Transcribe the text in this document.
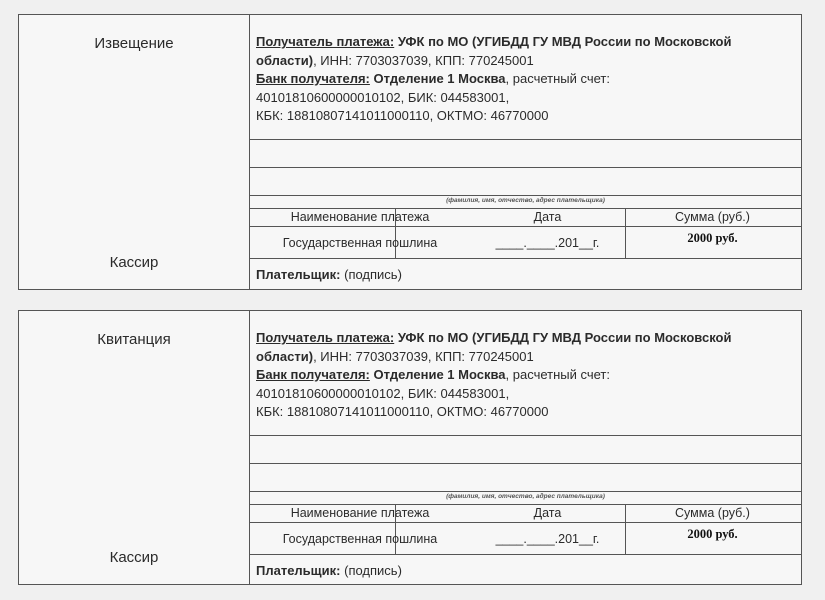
Извещение
Кассир
Получатель платежа: УФК по МО (УГИБДД ГУ МВД России по Московской
области), ИНН: 7703037039, КПП: 770245001
Банк получателя: Отделение 1 Москва, расчетный счет:
40101810600000010102, БИК: 044583001,
КБК: 18810807141011000110, ОКТМО: 46770000
(фамилия, имя, отчество, адрес плательщика)
Наименование платежа	Дата	Сумма (руб.)
Государственная пошлина	____.____.201__г.	2000 руб.
Плательщик: (подпись)
Квитанция
Кассир
Получатель платежа: УФК по МО (УГИБДД ГУ МВД России по Московской
области), ИНН: 7703037039, КПП: 770245001
Банк получателя: Отделение 1 Москва, расчетный счет:
40101810600000010102, БИК: 044583001,
КБК: 18810807141011000110, ОКТМО: 46770000
(фамилия, имя, отчество, адрес плательщика)
Наименование платежа	Дата	Сумма (руб.)
Государственная пошлина	____.____.201__г.	2000 руб.
Плательщик: (подпись)
